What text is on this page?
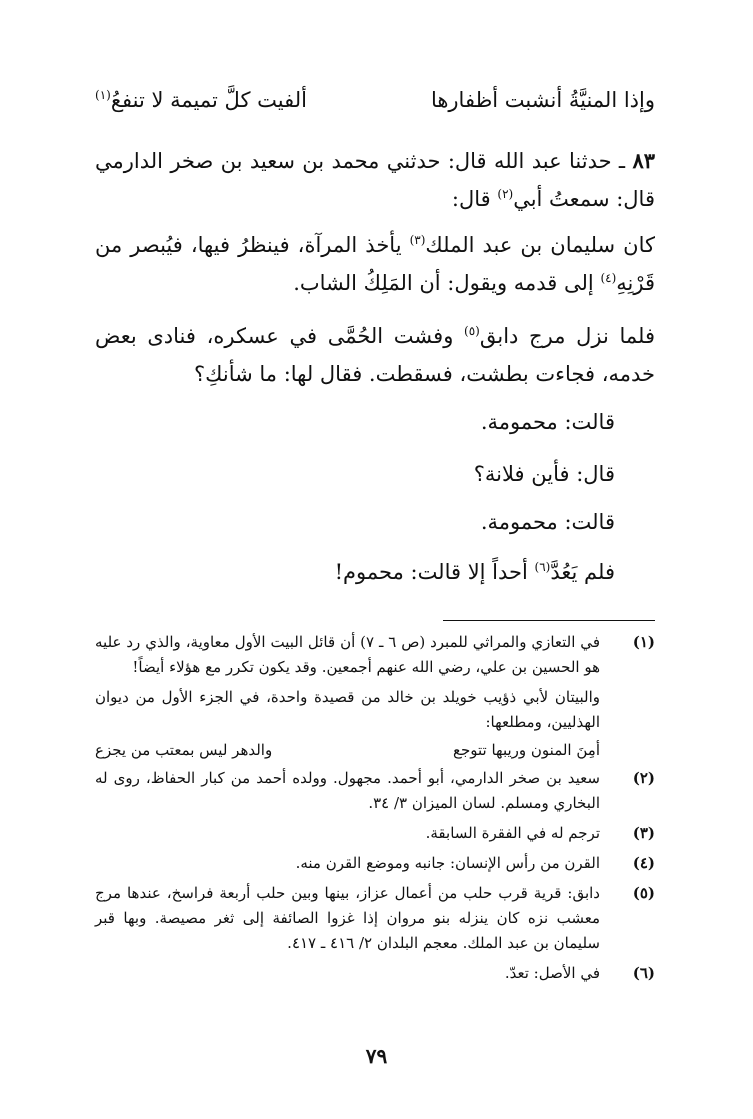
وإذا المنيَّةُ أنشبت أظفارها
ألفيت كلَّ تميمة لا تنفعُ$^{(١)}$
٨٣ ـ حدثنا عبد الله قال: حدثني محمد بن سعيد بن صخر الدارمي قال: سمعتُ أبي$^{(٢)}$ قال:
كان سليمان بن عبد الملك$^{(٣)}$ يأخذ المرآة، فينظرُ فيها، فيُبصر من قَرْنِهِ$^{(٤)}$ إلى قدمه ويقول: أن المَلِكُ الشاب.
فلما نزل مرج دابق$^{(٥)}$ وفشت الحُمَّى في عسكره، فنادى بعض خدمه، فجاءت بطشت، فسقطت. فقال لها: ما شأنكِ؟
قالت: محمومة.
قال: فأين فلانة؟
قالت: محمومة.
فلم يَعُدَّ$^{(٦)}$ أحداً إلا قالت: محموم!
(١)
في التعازي والمراثي للمبرد (ص ٦ ـ ٧) أن قائل البيت الأول معاوية، والذي رد عليه هو الحسين بن علي، رضي الله عنهم أجمعين. وقد يكون تكرر مع هؤلاء أيضاً!
والبيتان لأبي ذؤيب خويلد بن خالد من قصيدة واحدة، في الجزء الأول من ديوان الهذليين، ومطلعها:
أمِنَ المنون وريبها تتوجع
والدهر ليس بمعتب من يجزع
(٢)
سعيد بن صخر الدارمي، أبو أحمد. مجهول. وولده أحمد من كبار الحفاظ، روى له البخاري ومسلم. لسان الميزان ٣/ ٣٤.
(٣)
ترجم له في الفقرة السابقة.
(٤)
القرن من رأس الإنسان: جانبه وموضع القرن منه.
(٥)
دابق: قرية قرب حلب من أعمال عزاز، بينها وبين حلب أربعة فراسخ، عندها مرج معشب نزه كان ينزله بنو مروان إذا غزوا الصائفة إلى ثغر مصيصة. وبها قبر سليمان بن عبد الملك. معجم البلدان ٢/ ٤١٦ ـ ٤١٧.
(٦)
في الأصل: تعدّ.
٧٩
